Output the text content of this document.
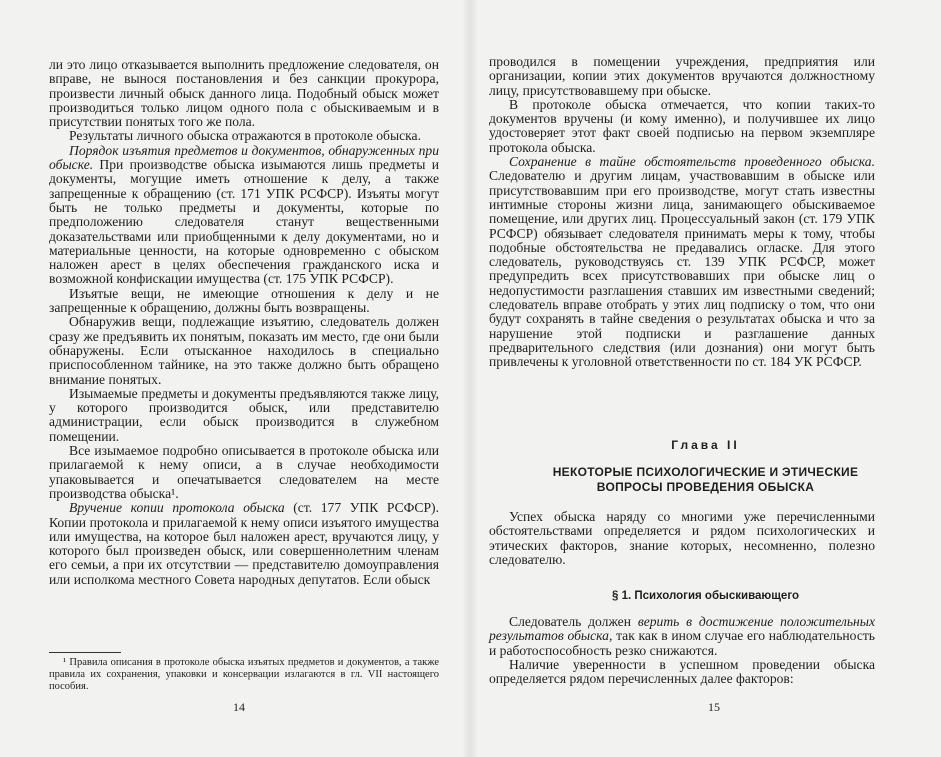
ли это лицо отказывается выполнить предложение следователя, он вправе, не вынося постановления и без санкции прокурора, произвести личный обыск данного лица. Подобный обыск может производиться только лицом одного пола с обыскиваемым и в присутствии понятых того же пола.

Результаты личного обыска отражаются в протоколе обыска.

Порядок изъятия предметов и документов, обнаруженных при обыске. При производстве обыска изымаются лишь предметы и документы, могущие иметь отношение к делу, а также запрещенные к обращению (ст. 171 УПК РСФСР). Изъяты могут быть не только предметы и документы, которые по предположению следователя станут вещественными доказательствами или приобщенными к делу документами, но и материальные ценности, на которые одновременно с обыском наложен арест в целях обеспечения гражданского иска и возможной конфискации имущества (ст. 175 УПК РСФСР).

Изъятые вещи, не имеющие отношения к делу и не запрещенные к обращению, должны быть возвращены.

Обнаружив вещи, подлежащие изъятию, следователь должен сразу же предъявить их понятым, показать им место, где они были обнаружены. Если отысканное находилось в специально приспособленном тайнике, на это также должно быть обращено внимание понятых.

Изымаемые предметы и документы предъявляются также лицу, у которого производится обыск, или представителю администрации, если обыск производится в служебном помещении.

Все изымаемое подробно описывается в протоколе обыска или прилагаемой к нему описи, а в случае необходимости упаковывается и опечатывается следователем на месте производства обыска¹.

Вручение копии протокола обыска (ст. 177 УПК РСФСР). Копии протокола и прилагаемой к нему описи изъятого имущества или имущества, на которое был наложен арест, вручаются лицу, у которого был произведен обыск, или совершеннолетним членам его семьи, а при их отсутствии — представителю домоуправления или исполкома местного Совета народных депутатов. Если обыск

¹ Правила описания в протоколе обыска изъятых предметов и документов, а также правила их сохранения, упаковки и консервации излагаются в гл. VII настоящего пособия.
14

проводился в помещении учреждения, предприятия или организации, копии этих документов вручаются должностному лицу, присутствовавшему при обыске.

В протоколе обыска отмечается, что копии таких-то документов вручены (и кому именно), и получившее их лицо удостоверяет этот факт своей подписью на первом экземпляре протокола обыска.

Сохранение в тайне обстоятельств проведенного обыска. Следователю и другим лицам, участвовавшим в обыске или присутствовавшим при его производстве, могут стать известны интимные стороны жизни лица, занимающего обыскиваемое помещение, или других лиц. Процессуальный закон (ст. 179 УПК РСФСР) обязывает следователя принимать меры к тому, чтобы подобные обстоятельства не предавались огласке. Для этого следователь, руководствуясь ст. 139 УПК РСФСР, может предупредить всех присутствовавших при обыске лиц о недопустимости разглашения ставших им известными сведений; следователь вправе отобрать у этих лиц подписку о том, что они будут сохранять в тайне сведения о результатах обыска и что за нарушение этой подписки и разглашение данных предварительного следствия (или дознания) они могут быть привлечены к уголовной ответственности по ст. 184 УК РСФСР.

Глава II
НЕКОТОРЫЕ ПСИХОЛОГИЧЕСКИЕ И ЭТИЧЕСКИЕ ВОПРОСЫ ПРОВЕДЕНИЯ ОБЫСКА

Успех обыска наряду со многими уже перечисленными обстоятельствами определяется и рядом психологических и этических факторов, знание которых, несомненно, полезно следователю.

§ 1. Психология обыскивающего

Следователь должен верить в достижение положительных результатов обыска, так как в ином случае его наблюдательность и работоспособность резко снижаются.

Наличие уверенности в успешном проведении обыска определяется рядом перечисленных далее факторов:

15
